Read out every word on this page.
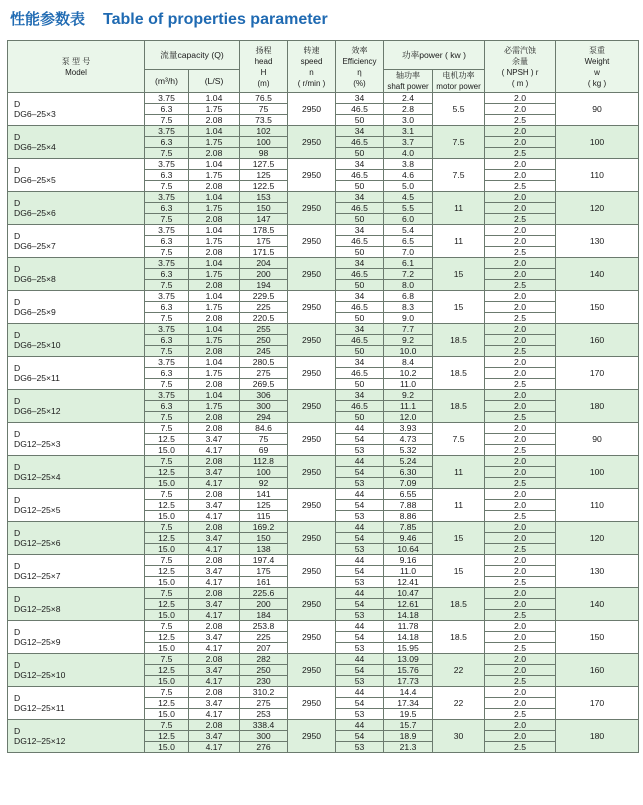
性能参数表 Table of properties parameter
泵 型 号
Model	流量capacity (Q)		扬程
head
H
(m)	转速
speed
n
( r/min )	效率
Efficiency
η
(%)	功率power ( kw )		必需汽蚀
余量
( NPSH ) r
( m )	泵重
Weight
w
( kg )

	(m³/h)	(L/S)				轴功率
shaft power	电机功率
motor power		

D
DG6–25×3	3.75	1.04	76.5	2950	34	2.4	5.5	2.0	90
	6.3	1.75	75		46.5	2.8		2.0	
	7.5	2.08	73.5		50	3.0		2.5	

D
DG6–25×4	3.75	1.04	102	2950	34	3.1	7.5	2.0	100
	6.3	1.75	100		46.5	3.7		2.0	
	7.5	2.08	98		50	4.0		2.5	

D
DG6–25×5	3.75	1.04	127.5	2950	34	3.8	7.5	2.0	110
	6.3	1.75	125		46.5	4.6		2.0	
	7.5	2.08	122.5		50	5.0		2.5	

D
DG6–25×6	3.75	1.04	153	2950	34	4.5	11	2.0	120
	6.3	1.75	150		46.5	5.5		2.0	
	7.5	2.08	147		50	6.0		2.5	

D
DG6–25×7	3.75	1.04	178.5	2950	34	5.4	11	2.0	130
	6.3	1.75	175		46.5	6.5		2.0	
	7.5	2.08	171.5		50	7.0		2.5	

D
DG6–25×8	3.75	1.04	204	2950	34	6.1	15	2.0	140
	6.3	1.75	200		46.5	7.2		2.0	
	7.5	2.08	194		50	8.0		2.5	

D
DG6–25×9	3.75	1.04	229.5	2950	34	6.8	15	2.0	150
	6.3	1.75	225		46.5	8.3		2.0	
	7.5	2.08	220.5		50	9.0		2.5	

D
DG6–25×10	3.75	1.04	255	2950	34	7.7	18.5	2.0	160
	6.3	1.75	250		46.5	9.2		2.0	
	7.5	2.08	245		50	10.0		2.5	

D
DG6–25×11	3.75	1.04	280.5	2950	34	8.4	18.5	2.0	170
	6.3	1.75	275		46.5	10.2		2.0	
	7.5	2.08	269.5		50	11.0		2.5	

D
DG6–25×12	3.75	1.04	306	2950	34	9.2	18.5	2.0	180
	6.3	1.75	300		46.5	11.1		2.0	
	7.5	2.08	294		50	12.0		2.5	

D
DG12–25×3	7.5	2.08	84.6	2950	44	3.93	7.5	2.0	90
	12.5	3.47	75		54	4.73		2.0	
	15.0	4.17	69		53	5.32		2.5	

D
DG12–25×4	7.5	2.08	112.8	2950	44	5.24	11	2.0	100
	12.5	3.47	100		54	6.30		2.0	
	15.0	4.17	92		53	7.09		2.5	

D
DG12–25×5	7.5	2.08	141	2950	44	6.55	11	2.0	110
	12.5	3.47	125		54	7.88		2.0	
	15.0	4.17	115		53	8.86		2.5	

D
DG12–25×6	7.5	2.08	169.2	2950	44	7.85	15	2.0	120
	12.5	3.47	150		54	9.46		2.0	
	15.0	4.17	138		53	10.64		2.5	

D
DG12–25×7	7.5	2.08	197.4	2950	44	9.16	15	2.0	130
	12.5	3.47	175		54	11.0		2.0	
	15.0	4.17	161		53	12.41		2.5	

D
DG12–25×8	7.5	2.08	225.6	2950	44	10.47	18.5	2.0	140
	12.5	3.47	200		54	12.61		2.0	
	15.0	4.17	184		53	14.18		2.5	

D
DG12–25×9	7.5	2.08	253.8	2950	44	11.78	18.5	2.0	150
	12.5	3.47	225		54	14.18		2.0	
	15.0	4.17	207		53	15.95		2.5	

D
DG12–25×10	7.5	2.08	282	2950	44	13.09	22	2.0	160
	12.5	3.47	250		54	15.76		2.0	
	15.0	4.17	230		53	17.73		2.5	

D
DG12–25×11	7.5	2.08	310.2	2950	44	14.4	22	2.0	170
	12.5	3.47	275		54	17.34		2.0	
	15.0	4.17	253		53	19.5		2.5	

D
DG12–25×12	7.5	2.08	338.4	2950	44	15.7	30	2.0	180
	12.5	3.47	300		54	18.9		2.0	
	15.0	4.17	276		53	21.3		2.5	
